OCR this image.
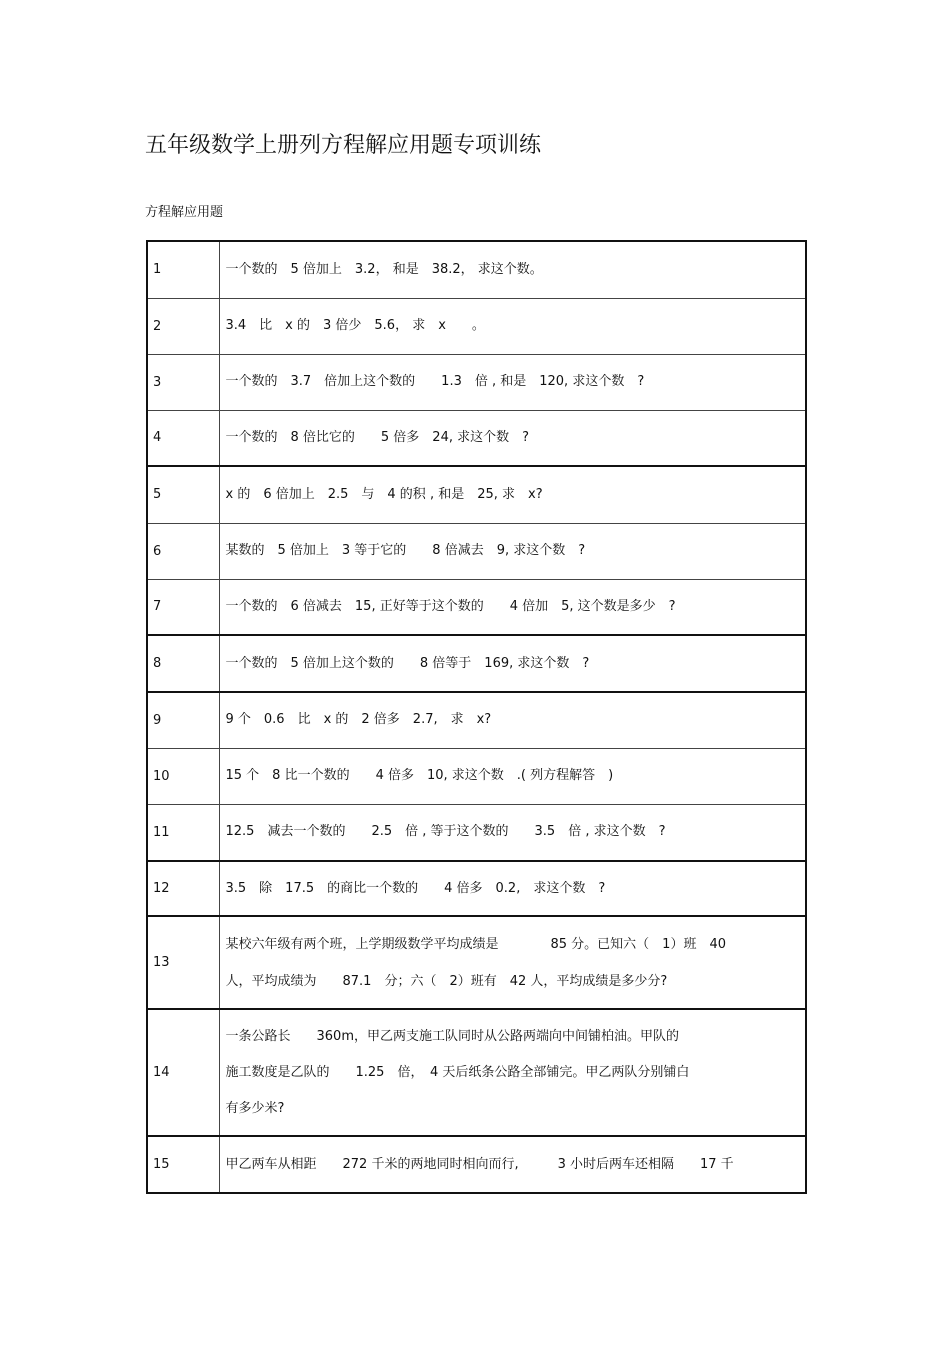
五年级数学上册列方程解应用题专项训练
方程解应用题
1	一个数的　5 倍加上　3.2， 和是　38.2， 求这个数。

2	3.4　比　x 的　3 倍少　5.6， 求　x　　。

3	一个数的　3.7　倍加上这个数的　　1.3　倍 , 和是　120, 求这个数　?

4	一个数的　8 倍比它的　　5 倍多　24, 求这个数　?

5	x 的　6 倍加上　2.5　与　4 的积 , 和是　25, 求　x?

6	某数的　5 倍加上　3 等于它的　　8 倍减去　9, 求这个数　?

7	一个数的　6 倍减去　15, 正好等于这个数的　　4 倍加　5, 这个数是多少　?

8	一个数的　5 倍加上这个数的　　8 倍等于　169, 求这个数　?

9	9 个　0.6　比　x 的　2 倍多　2.7,　求　x?

10	15 个　8 比一个数的　　4 倍多　10, 求这个数　.( 列方程解答　)

11	12.5　减去一个数的　　2.5　倍 , 等于这个数的　　3.5　倍 , 求这个数　?

12	3.5　除　17.5　的商比一个数的　　4 倍多　0.2,　求这个数　?

13	某校六年级有两个班，上学期级数学平均成绩是　　　　85 分。已知六（　1）班　40
人，平均成绩为　　87.1　分；六（　2）班有　42 人，平均成绩是多少分?

14	一条公路长　　360m，甲乙两支施工队同时从公路两端向中间铺柏油。甲队的
施工数度是乙队的　　1.25　倍，　4 天后纸条公路全部铺完。甲乙两队分别铺白
有多少米?

15	甲乙两车从相距　　272 千米的两地同时相向而行,　　　3 小时后两车还相隔　　17 千
